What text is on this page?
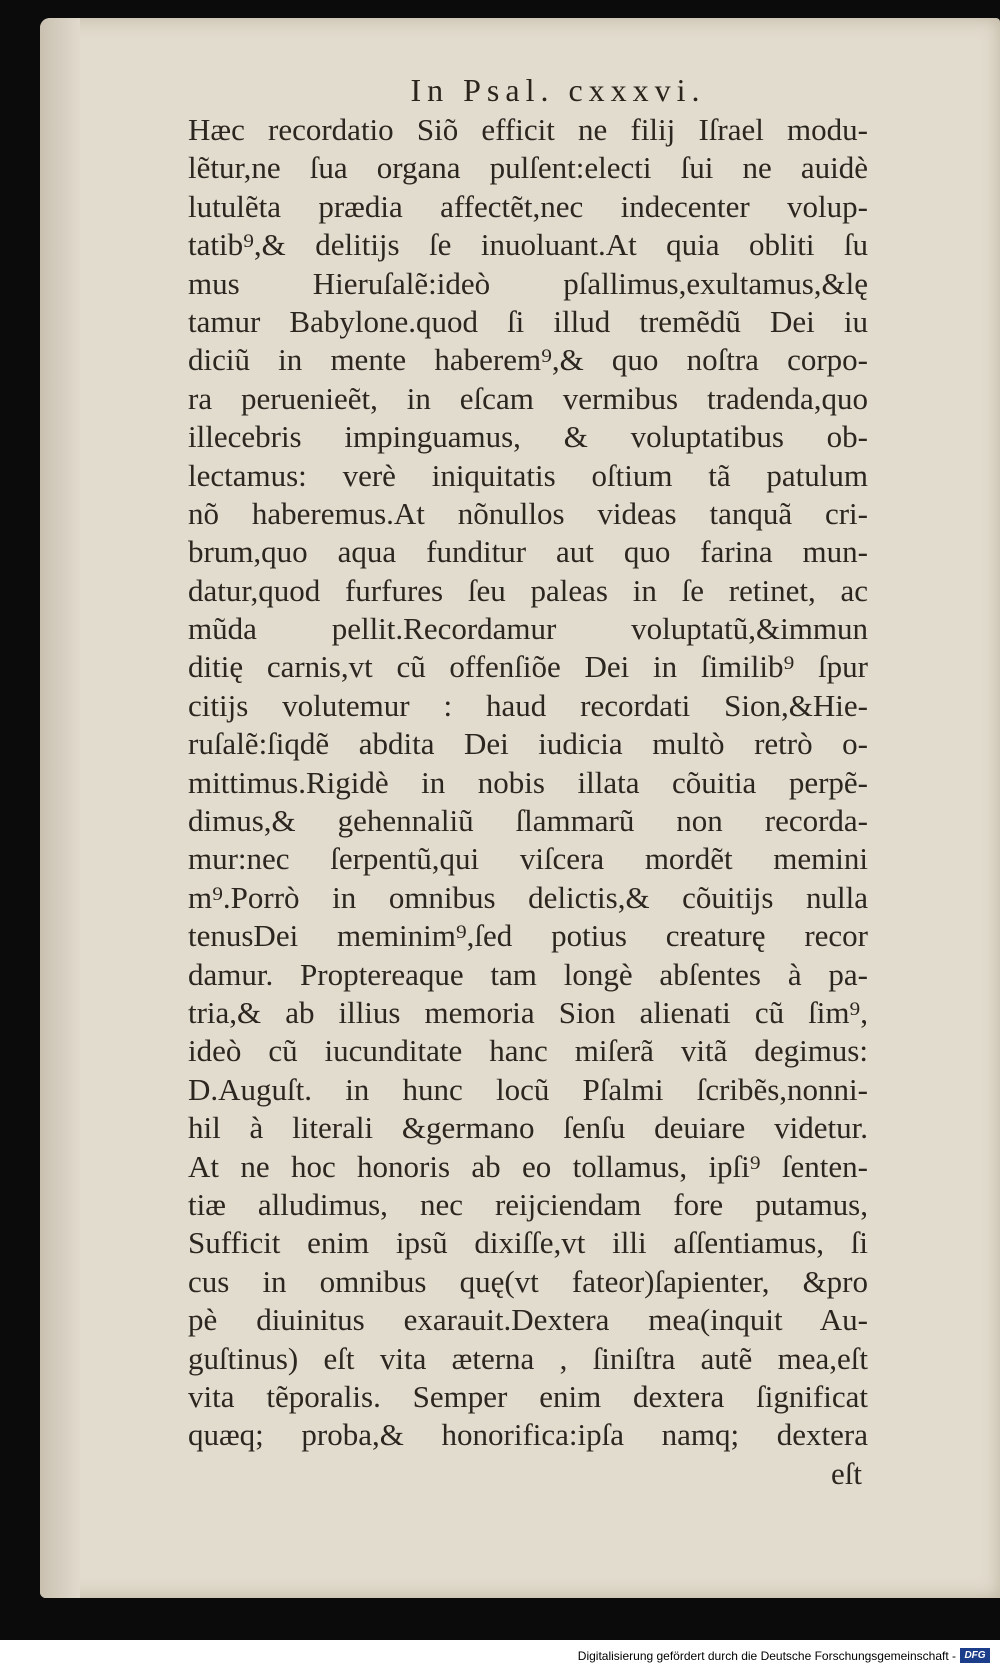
In Psal. cxxxvi.
Hæc recordatio Siõ efficit ne filij Iſrael modu-
lẽtur,ne ſua organa pulſent:electi ſui ne auidè
lutulẽta prædia affectẽt,nec indecenter volup-
tatib⁹,& delitijs ſe inuoluant.At quia obliti ſu
mus Hieruſalẽ:ideò pſallimus,exultamus,&lę
tamur Babylone.quod ſi illud tremẽdũ Dei iu
diciũ in mente haberem⁹,& quo noſtra corpo-
ra peruenieẽt, in eſcam vermibus tradenda,quo
illecebris impinguamus, & voluptatibus ob-
lectamus: verè iniquitatis oſtium tã patulum
nõ haberemus.At nõnullos videas tanquã cri-
brum,quo aqua funditur aut quo farina mun-
datur,quod furfures ſeu paleas in ſe retinet, ac
mũda pellit.Recordamur voluptatũ,&immun
ditię carnis,vt cũ offenſiõe Dei in ſimilib⁹ ſpur
citijs volutemur : haud recordati Sion,&Hie-
ruſalẽ:ſiqdẽ abdita Dei iudicia multò retrò o-
mittimus.Rigidè in nobis illata cõuitia perpẽ-
dimus,& gehennaliũ ſlammarũ non recorda-
mur:nec ſerpentũ,qui viſcera mordẽt memini
m⁹.Porrò in omnibus delictis,& cõuitijs nulla
tenusDei meminim⁹,ſed potius creaturę recor
damur. Proptereaque tam longè abſentes à pa-
tria,& ab illius memoria Sion alienati cũ ſim⁹,
ideò cũ iucunditate hanc miſerã vitã degimus:
D.Auguſt. in hunc locũ Pſalmi ſcribẽs,nonni-
hil à literali &germano ſenſu deuiare videtur.
At ne hoc honoris ab eo tollamus, ipſi⁹ ſenten-
tiæ alludimus, nec reijciendam fore putamus,
Sufficit enim ipsũ dixiſſe,vt illi aſſentiamus, ſi
cus in omnibus quę(vt fateor)ſapienter, &pro
pè diuinitus exarauit.Dextera mea(inquit Au-
guſtinus) eſt vita æterna , ſiniſtra autẽ mea,eſt
vita tẽporalis. Semper enim dextera ſignificat
quæq; proba,& honorifica:ipſa namq; dextera
eſt
Digitalisierung gefördert durch die Deutsche Forschungsgemeinschaft - DFG
